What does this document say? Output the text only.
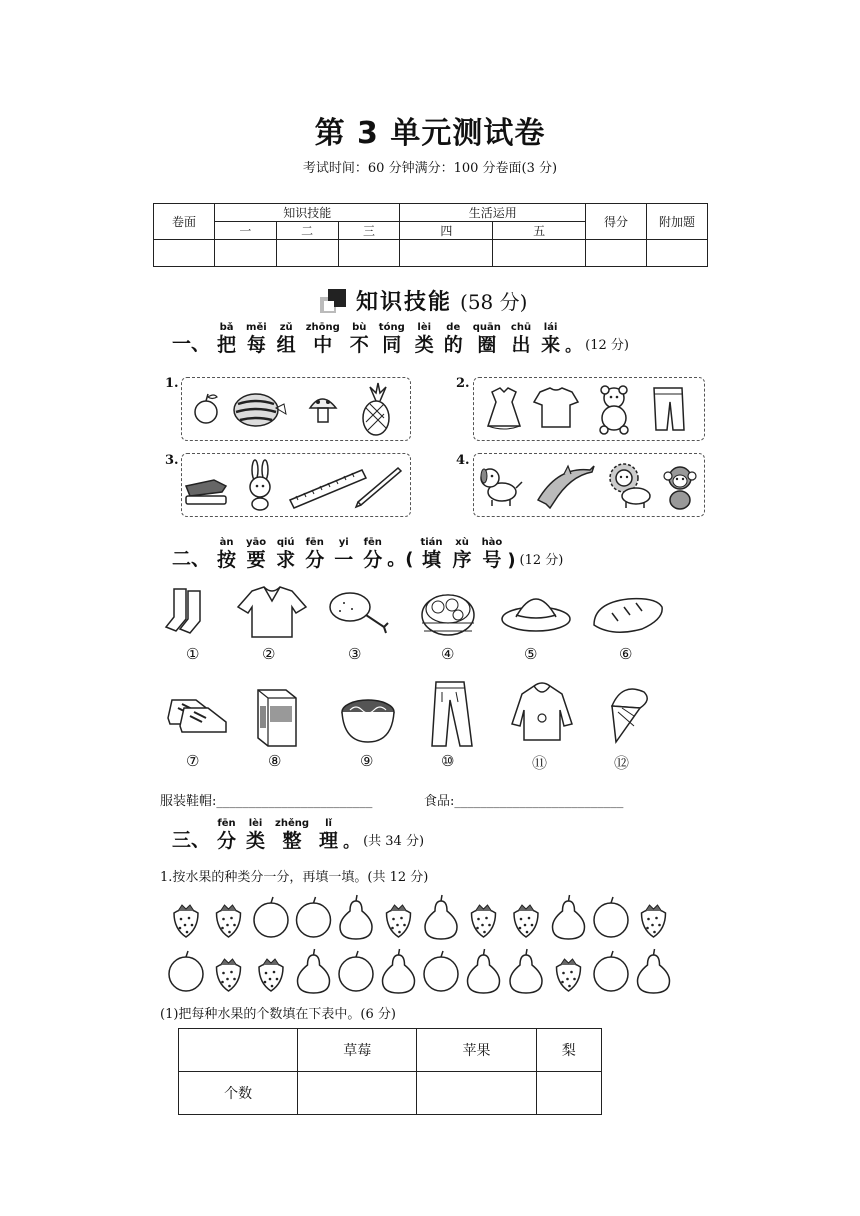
第 3 单元测试卷
考试时间：60 分钟满分：100 分卷面(3 分)
卷面	知识技能			生活运用		得分	附加题
	一	二	三	四	五		

知识技能 (58 分)
一、
bǎ
把
měi
每
zǔ
组
zhōng
中
bù
不
tóng
同
lèi
类
de
的
quān
圈
chū
出
lái
来 。 (12 分)
1.	2.
3.	4.
二、
àn
按
yāo
要
qiú
求
fēn
分
yi
一
fēn
分 。(
tián
填
xù
序
hào
号 ) (12 分)
①	②	③	④	⑤	⑥
⑦	⑧	⑨	⑩	⑪	⑫
服装鞋帽:________________________	食品:__________________________
三、
fēn
分
lèi
类
zhěng
整
lǐ
理 。 (共 34 分)
1.按水果的种类分一分，再填一填。(共 12 分)
(1)把每种水果的个数填在下表中。(6 分)
	草莓	苹果	梨
个数			
